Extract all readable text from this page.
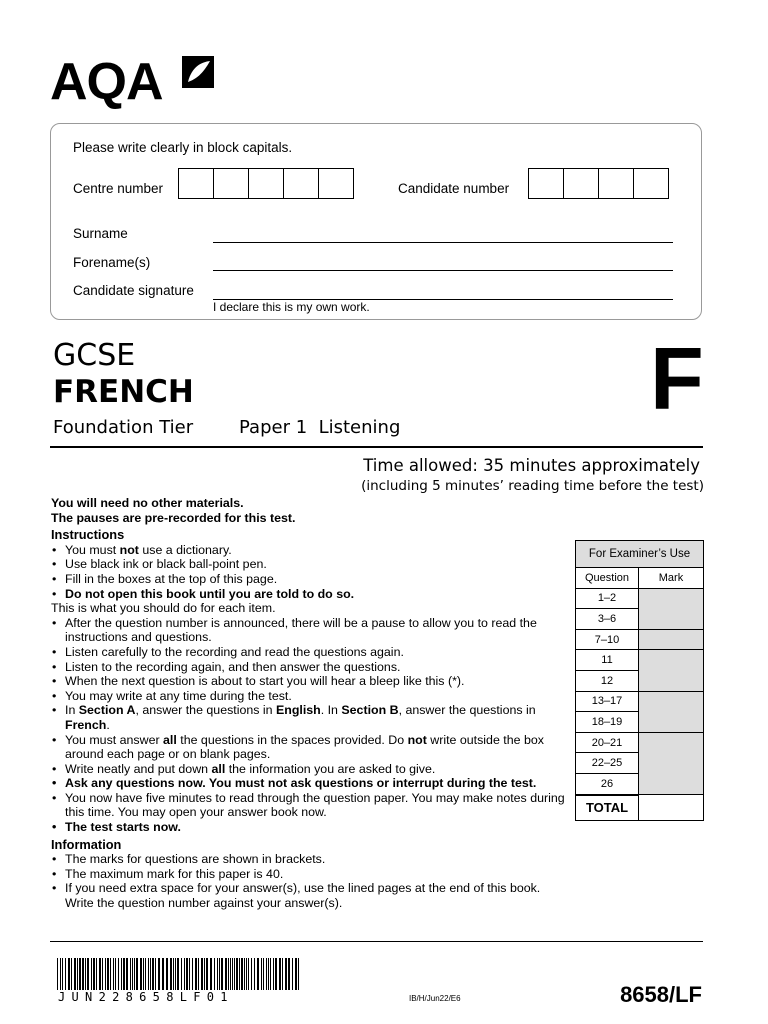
AQA
Please write clearly in block capitals.
Centre number	Candidate number
Surname
Forename(s)
Candidate signature
I declare this is my own work.
GCSE
FRENCH
Foundation Tier	Paper 1  Listening	F
Time allowed: 35 minutes approximately
(including 5 minutes’ reading time before the test)

You will need no other materials.

The pauses are pre-recorded for this test.

Instructions

• You must not use a dictionary.
• Use black ink or black ball-point pen.
• Fill in the boxes at the top of this page.
• Do not open this book until you are told to do so.

This is what you should do for each item.

• After the question number is announced, there will be a pause to allow you to read the instructions and questions.
• Listen carefully to the recording and read the questions again.
• Listen to the recording again, and then answer the questions.
• When the next question is about to start you will hear a bleep like this (*).
• You may write at any time during the test.
• In Section A, answer the questions in English. In Section B, answer the questions in French.
• You must answer all the questions in the spaces provided. Do not write outside the box around each page or on blank pages.
• Write neatly and put down all the information you are asked to give.
• Ask any questions now. You must not ask questions or interrupt during the test.
• You now have five minutes to read through the question paper. You may make notes during this time. You may open your answer book now.
• The test starts now.

Information

• The marks for questions are shown in brackets.
• The maximum mark for this paper is 40.
• If you need extra space for your answer(s), use the lined pages at the end of this book. Write the question number against your answer(s).
For Examiner’s Use	
Question	Mark
1–2	
3–6	
7–10	
11	
12	
13–17	
18–19	
20–21	
22–25	
26	
TOTAL	
JUN228658LF01	IB/H/Jun22/E6	8658/LF
